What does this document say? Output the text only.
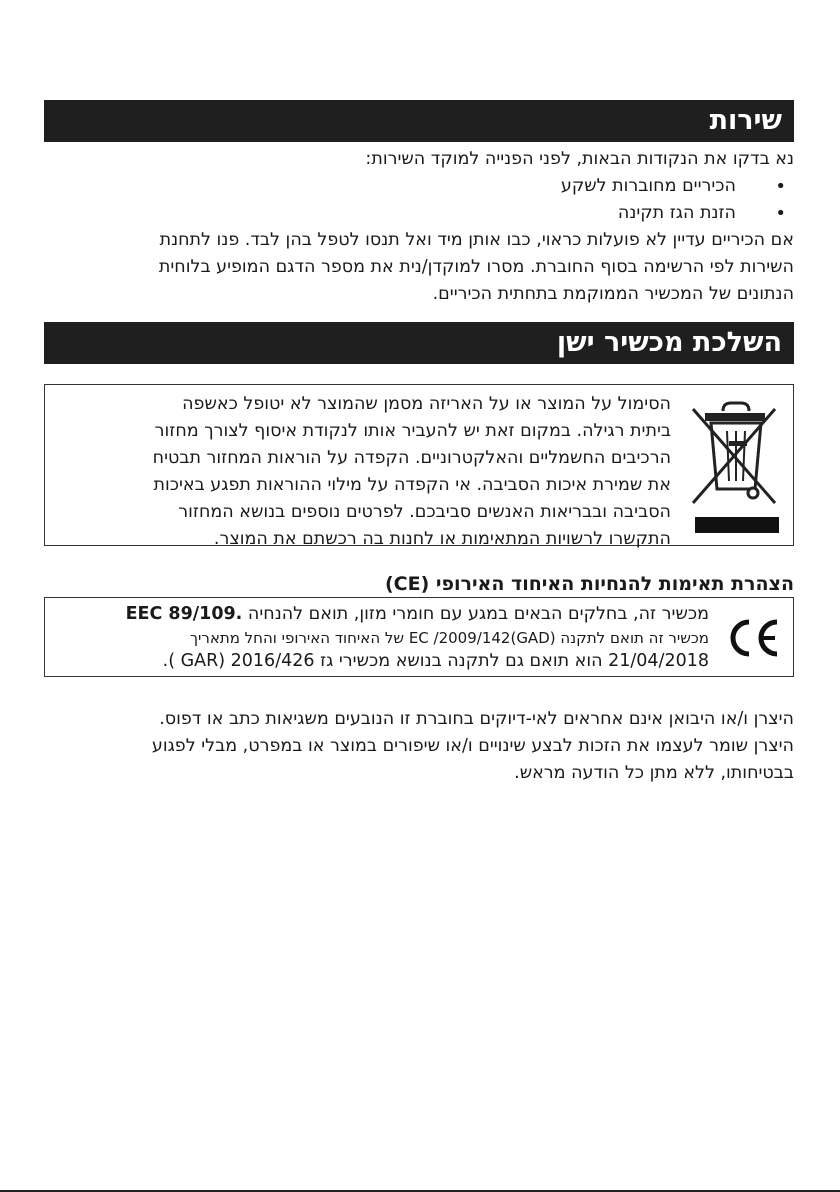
שירות

נא בדקו את הנקודות הבאות, לפני הפנייה למוקד השירות:

• הכיריים מחוברות לשקע
• הזנת הגז תקינה

אם הכיריים עדיין לא פועלות כראוי, כבו אותן מיד ואל תנסו לטפל בהן לבד. פנו לתחנת

השירות לפי הרשימה בסוף החוברת. מסרו למוקדן/נית את מספר הדגם המופיע בלוחית

הנתונים של המכשיר הממוקמת בתחתית הכיריים.

השלכת מכשיר ישן

הסימול על המוצר או על האריזה מסמן שהמוצר לא יטופל כאשפה

ביתית רגילה. במקום זאת יש להעביר אותו לנקודת איסוף לצורך מחזור

הרכיבים החשמליים והאלקטרוניים. הקפדה על הוראות המחזור תבטיח

את שמירת איכות הסביבה. אי הקפדה על מילוי ההוראות תפגע באיכות

הסביבה ובבריאות האנשים סביבכם. לפרטים נוספים בנושא המחזור

התקשרו לרשויות המתאימות או לחנות בה רכשתם את המוצר.

הצהרת תאימות להנחיות האיחוד האירופי (CE)

מכשיר זה, בחלקים הבאים במגע עם חומרי מזון, תואם להנחיה EEC 89/109.

מכשיר זה תואם לתקנה (GAD)EC /2009/142 של האיחוד האירופי והחל מתאריך

21/04/2018 הוא תואם גם לתקנה בנושא מכשירי גז GAR) 2016/426 ).

היצרן ו/או היבואן אינם אחראים לאי-דיוקים בחוברת זו הנובעים משגיאות כתב או דפוס.

היצרן שומר לעצמו את הזכות לבצע שינויים ו/או שיפורים במוצר או במפרט, מבלי לפגוע

בבטיחותו, ללא מתן כל הודעה מראש.
